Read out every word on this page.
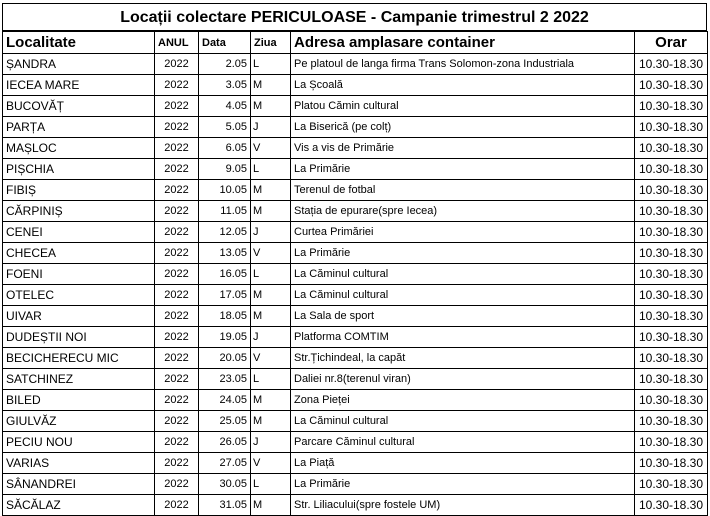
Locații colectare PERICULOASE - Campanie trimestrul 2 2022
Localitate	ANUL	Data	Ziua	Adresa amplasare container	Orar
ȘANDRA	2022	2.05	L	Pe platoul de langa firma Trans Solomon-zona Industriala	10.30-18.30
IECEA MARE	2022	3.05	M	La Școală	10.30-18.30
BUCOVĂȚ	2022	4.05	M	Platou Cămin cultural	10.30-18.30
PARȚA	2022	5.05	J	La Biserică (pe colț)	10.30-18.30
MAȘLOC	2022	6.05	V	Vis a vis de Primărie	10.30-18.30
PIȘCHIA	2022	9.05	L	La Primărie	10.30-18.30
FIBIȘ	2022	10.05	M	Terenul de fotbal	10.30-18.30
CĂRPINIȘ	2022	11.05	M	Stația de epurare(spre Iecea)	10.30-18.30
CENEI	2022	12.05	J	Curtea Primăriei	10.30-18.30
CHECEA	2022	13.05	V	La Primărie	10.30-18.30
FOENI	2022	16.05	L	La Căminul cultural	10.30-18.30
OTELEC	2022	17.05	M	La Căminul cultural	10.30-18.30
UIVAR	2022	18.05	M	La Sala de sport	10.30-18.30
DUDEȘTII NOI	2022	19.05	J	Platforma COMTIM	10.30-18.30
BECICHERECU MIC	2022	20.05	V	Str.Țichindeal, la capăt	10.30-18.30
SATCHINEZ	2022	23.05	L	Daliei nr.8(terenul viran)	10.30-18.30
BILED	2022	24.05	M	Zona Pieței	10.30-18.30
GIULVĂZ	2022	25.05	M	La Căminul cultural	10.30-18.30
PECIU NOU	2022	26.05	J	Parcare Căminul cultural	10.30-18.30
VARIAS	2022	27.05	V	La Piață	10.30-18.30
SÂNANDREI	2022	30.05	L	La Primărie	10.30-18.30
SĂCĂLAZ	2022	31.05	M	Str. Liliacului(spre fostele UM)	10.30-18.30
